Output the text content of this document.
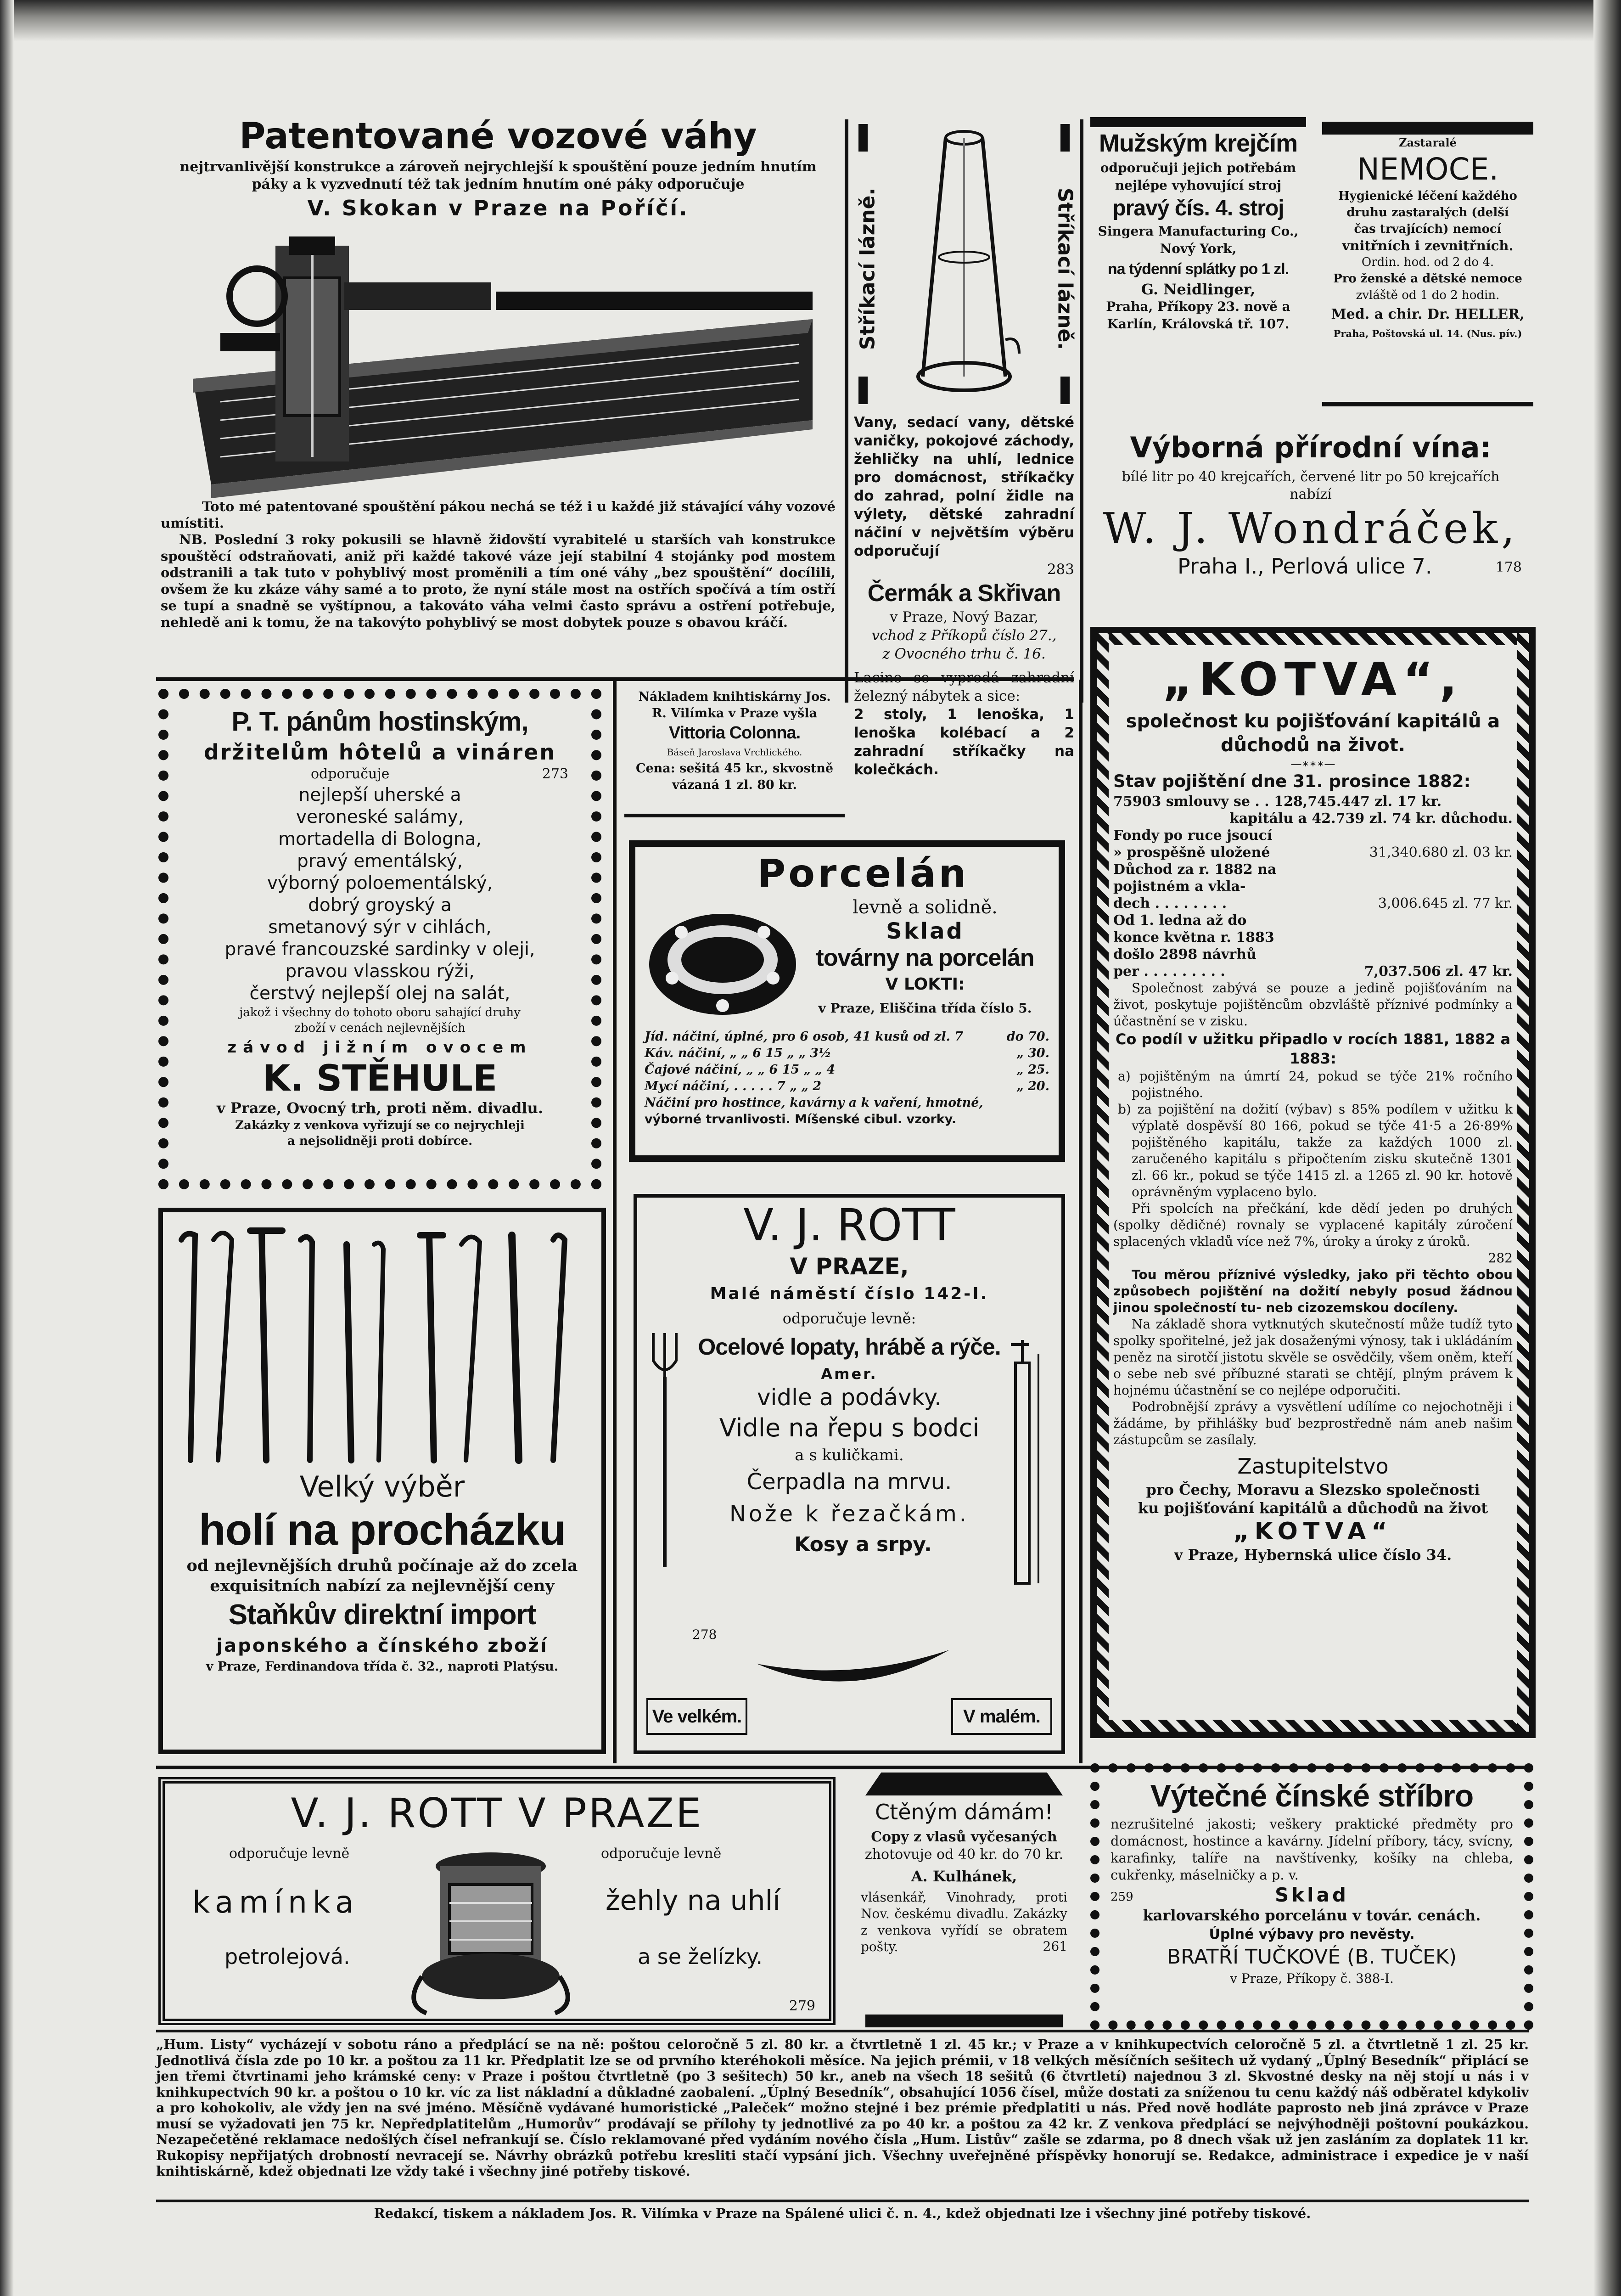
Patentované vozové váhy
nejtrvanlivější konstrukce a zároveň nejrychlejší k spouštění pouze jedním hnutím
páky a k vyzvednutí též tak jedním hnutím oné páky odporučuje
V. Skokan v Praze na Poříčí.
Toto mé patentované spouštění pákou nechá se též i u každé již stávající váhy vozové umístiti.
NB. Poslední 3 roky pokusili se hlavně židovští vyrabitelé u starších vah konstrukce spouštěcí odstraňovati, aniž při každé takové váze její stabilní 4 stojánky pod mostem odstranili a tak tuto v pohyblivý most proměnili a tím oné váhy „bez spouštění“ docílili, ovšem že ku zkáze váhy samé a to proto, že nyní stále most na ostřích spočívá a tím ostří se tupí a snadně se vyštípnou, a takováto váha velmi často správu a ostření potřebuje, nehledě ani k tomu, že na takovýto pohyblivý se most dobytek pouze s obavou kráčí.
Stříkací lázně.	Stříkací lázně.
Vany, sedací vany, dětské vaničky, pokojové záchody, žehličky na uhlí, lednice pro domácnost, stříkačky do zahrad, polní židle na výlety, dětské zahradní náčiní v největším výběru odporučují
283
Čermák a Skřivan
v Praze, Nový Bazar,
vchod z Příkopů číslo 27.,
z Ovocného trhu č. 16.
Lacino se vyprodá zahradní železný nábytek a sice:
2 stoly, 1 lenoška, 1 lenoška kolébací a 2 zahradní stříkačky na kolečkách.
Mužským krejčím
odporučuji jejich potřebám
nejlépe vyhovující stroj
pravý čís. 4. stroj
Singera Manufacturing Co.,
Nový York,
na týdenní splátky po 1 zl.
G. Neidlinger,
Praha, Příkopy 23. nově a
Karlín, Královská tř. 107.
Zastaralé
NEMOCE.
Hygienické léčení každého
druhu zastaralých (delší
čas trvajících) nemocí
vnitřních i zevnitřních.
Ordin. hod. od 2 do 4.
Pro ženské a dětské nemoce
zvláště od 1 do 2 hodin.
Med. a chir. Dr. HELLER,
Praha, Poštovská ul. 14. (Nus. pív.)
Výborná přírodní vína:
bílé litr po 40 krejcařích, červené litr po 50 krejcařích
nabízí
W. J. Wondráček,
Praha I., Perlová ulice 7.	178
P. T. pánům hostinským,
držitelům hôtelů a vináren
odporučuje	273
nejlepší uherské a
veroneské salámy,
mortadella di Bologna,
pravý ementálský,
výborný poloementálský,
dobrý groyský a
smetanový sýr v cihlách,
pravé francouzské sardinky v oleji,
pravou vlasskou rýži,
čerstvý nejlepší olej na salát,
jakož i všechny do tohoto oboru sahající druhy
zboží v cenách nejlevnějších
závod jižním ovocem
K. STĚHULE
v Praze, Ovocný trh, proti něm. divadlu.
Zakázky z venkova vyřizují se co nejrychleji
a nejsolidněji proti dobírce.
Nákladem knihtiskárny Jos.
R. Vilímka v Praze vyšla
Vittoria Colonna.
Báseň Jaroslava Vrchlického.
Cena: sešitá 45 kr., skvostně
vázaná 1 zl. 80 kr.
Porcelán
levně a solidně.
Sklad
továrny na porcelán
V LOKTI:
v Praze, Eliščina třída číslo 5.
Jíd. náčiní, úplné, pro 6 osob, 41 kusů od zl. 7	do 70.
Káv. náčiní, „ „ 6 15 „ „ 3½	„ 30.
Čajové náčiní, „ „ 6 15 „ „ 4	„ 25.
Mycí náčiní, . . . . . 7 „ „ 2	„ 20.
Náčiní pro hostince, kavárny a k vaření, hmotné,
výborné trvanlivosti. Míšenské cibul. vzorky.
„KOTVA“,
společnost ku pojišťování kapitálů a
důchodů na život.
—∗∗∗—
Stav pojištění dne 31. prosince 1882:
75903 smlouvy se . . 128,745.447 zl. 17 kr.
kapitálu a 42.739 zl. 74 kr. důchodu.
Fondy po ruce jsoucí
» prospěšně uložené	31,340.680 zl. 03 kr.
Důchod za r. 1882 na
pojistném a vkla-
dech . . . . . . . .	3,006.645 zl. 77 kr.
Od 1. ledna až do
konce května r. 1883
došlo 2898 návrhů
per . . . . . . . . .	7,037.506 zl. 47 kr.
Společnost zabývá se pouze a jedině pojišťováním na život, poskytuje pojištěncům obzvláště příznivé podmínky a účastnění se v zisku.
Co podíl v užitku připadlo v rocích 1881, 1882 a 1883:
a) pojištěným na úmrtí 24, pokud se týče 21% ročního pojistného.
b) za pojištění na dožití (výbav) s 85% podílem v užitku k výplatě dospěvší 80 166, pokud se týče 41·5 a 26·89% pojištěného kapitálu, takže za každých 1000 zl. zaručeného kapitálu s připočtením zisku skutečně 1301 zl. 66 kr., pokud se týče 1415 zl. a 1265 zl. 90 kr. hotově oprávněným vyplaceno bylo.
Při spolcích na přečkání, kde dědí jeden po druhých (spolky dědičné) rovnaly se vyplacené kapitály zúročení splacených vkladů více než 7%, úroky a úroky z úroků.
282
Tou měrou příznivé výsledky, jako při těchto obou způsobech pojištění na dožití nebyly posud žádnou jinou společností tu- neb cizozemskou docíleny.
Na základě shora vytknutých skutečností může tudíž tyto spolky spořitelné, jež jak dosaženými výnosy, tak i ukládáním peněz na sirotčí jistotu skvěle se osvědčily, všem oněm, kteří o sebe neb své příbuzné starati se chtějí, plným právem k hojnému účastnění se co nejlépe odporučiti.
Podrobnější zprávy a vysvětlení udílíme co nejochotněji i žádáme, by přihlášky buď bezprostředně nám aneb našim zástupcům se zasílaly.
Zastupitelstvo
pro Čechy, Moravu a Slezsko společnosti
ku pojišťování kapitálů a důchodů na život
„KOTVA“
v Praze, Hybernská ulice číslo 34.
Velký výběr
holí na procházku
od nejlevnějších druhů počínaje až do zcela
exquisitních nabízí za nejlevnější ceny
Staňkův direktní import
japonského a čínského zboží
v Praze, Ferdinandova třída č. 32., naproti Platýsu.
V. J. ROTT
V PRAZE,
Malé náměstí číslo 142-I.
odporučuje levně:
Ocelové lopaty, hrábě a rýče.
Amer.
vidle a podávky.
Vidle na řepu s bodci
a s kuličkami.
Čerpadla na mrvu.
Nože k řezačkám.
Kosy a srpy.
278
Ve velkém.	V malém.
V. J. ROTT V PRAZE
odporučuje levně	odporučuje levně
kamínka
petrolejová.
žehly na uhlí
a se želízky.
279
Ctěným dámám!
Copy z vlasů vyčesaných
zhotovuje od 40 kr. do 70 kr.
A. Kulhánek,
vlásenkář, Vinohrady, proti Nov. českému divadlu. Zakázky z venkova vyřídí se obratem pošty.	261
Výtečné čínské stříbro
nezrušitelné jakosti; veškery praktické předměty pro domácnost, hostince a kavárny. Jídelní příbory, tácy, svícny, karafinky, talíře na navštívenky, košíky na chleba, cukřenky, máselničky a p. v.
259	Sklad
karlovarského porcelánu v továr. cenách.
Úplné výbavy pro nevěsty.
BRATŘÍ TUČKOVÉ (B. TUČEK)
v Praze, Příkopy č. 388-I.
„Hum. Listy“ vycházejí v sobotu ráno a předplácí se na ně: poštou celoročně 5 zl. 80 kr. a čtvrtletně 1 zl. 45 kr.; v Praze a v knihkupectvích celoročně 5 zl. a čtvrtletně 1 zl. 25 kr. Jednotlivá čísla zde po 10 kr. a poštou za 11 kr. Předplatit lze se od prvního kteréhokoli měsíce. Na jejich prémii, v 18 velkých měsíčních sešitech už vydaný „Úplný Besedník“ připlácí se jen třemi čtvrtinami jeho krámské ceny: v Praze i poštou čtvrtletně (po 3 sešitech) 50 kr., aneb na všech 18 sešitů (6 čtvrtletí) najednou 3 zl. Skvostné desky na něj stojí u nás i v knihkupectvích 90 kr. a poštou o 10 kr. víc za list nákladní a důkladné zaobalení. „Úplný Besedník“, obsahující 1056 čísel, může dostati za sníženou tu cenu každý náš odběratel kdykoliv a pro kohokoliv, ale vždy jen na své jméno. Měsíčně vydávané humoristické „Paleček“ možno stejné i bez prémie předplatiti u nás. Před nově hodláte paprosto neb jiná zprávce v Praze musí se vyžadovati jen 75 kr. Nepředplatitelům „Humorův“ prodávají se přílohy ty jednotlivé za po 40 kr. a poštou za 42 kr. Z venkova předplácí se nejvýhodněji poštovní poukázkou. Nezapečetěné reklamace nedošlých čísel nefrankují se. Číslo reklamované před vydáním nového čísla „Hum. Listův“ zašle se zdarma, po 8 dnech však už jen zasláním za doplatek 11 kr. Rukopisy nepřijatých drobností nevracejí se. Návrhy obrázků potřebu kresliti stačí vypsání jich. Všechny uveřejněné příspěvky honorují se. Redakce, administrace i expedice je v naší knihtiskárně, kdež objednati lze vždy také i všechny jiné potřeby tiskové.
Redakcí, tiskem a nákladem Jos. R. Vilímka v Praze na Spálené ulici č. n. 4., kdež objednati lze i všechny jiné potřeby tiskové.
